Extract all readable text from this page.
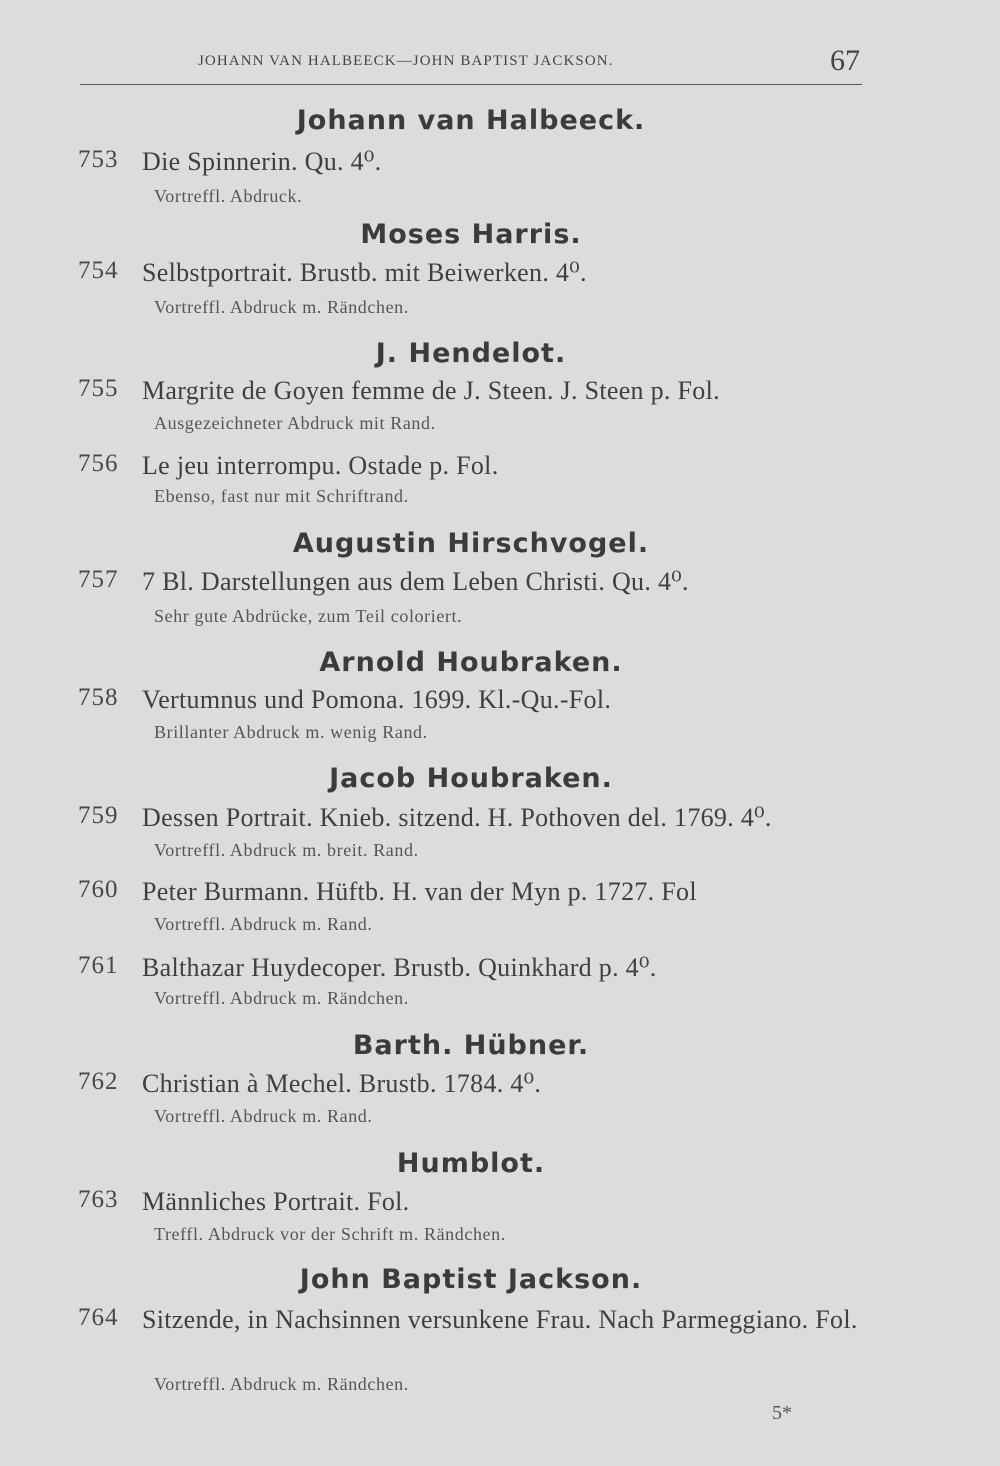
JOHANN VAN HALBEECK—JOHN BAPTIST JACKSON.	67
Johann van Halbeeck.
753 Die Spinnerin. Qu. 4⁰.
Vortreffl. Abdruck.
Moses Harris.
754 Selbstportrait. Brustb. mit Beiwerken. 4⁰.
Vortreffl. Abdruck m. Rändchen.
J. Hendelot.
755 Margrite de Goyen femme de J. Steen. J. Steen p. Fol.
Ausgezeichneter Abdruck mit Rand.
756 Le jeu interrompu. Ostade p. Fol.
Ebenso, fast nur mit Schriftrand.
Augustin Hirschvogel.
757 7 Bl. Darstellungen aus dem Leben Christi. Qu. 4⁰.
Sehr gute Abdrücke, zum Teil coloriert.
Arnold Houbraken.
758 Vertumnus und Pomona. 1699. Kl.-Qu.-Fol.
Brillanter Abdruck m. wenig Rand.
Jacob Houbraken.
759 Dessen Portrait. Knieb. sitzend. H. Pothoven del. 1769. 4⁰.
Vortreffl. Abdruck m. breit. Rand.
760 Peter Burmann. Hüftb. H. van der Myn p. 1727. Fol
Vortreffl. Abdruck m. Rand.
761 Balthazar Huydecoper. Brustb. Quinkhard p. 4⁰.
Vortreffl. Abdruck m. Rändchen.
Barth. Hübner.
762 Christian à Mechel. Brustb. 1784. 4⁰.
Vortreffl. Abdruck m. Rand.
Humblot.
763 Männliches Portrait. Fol.
Treffl. Abdruck vor der Schrift m. Rändchen.
John Baptist Jackson.
764 Sitzende, in Nachsinnen versunkene Frau. Nach Parmeggiano. Fol.
Vortreffl. Abdruck m. Rändchen.
5*
